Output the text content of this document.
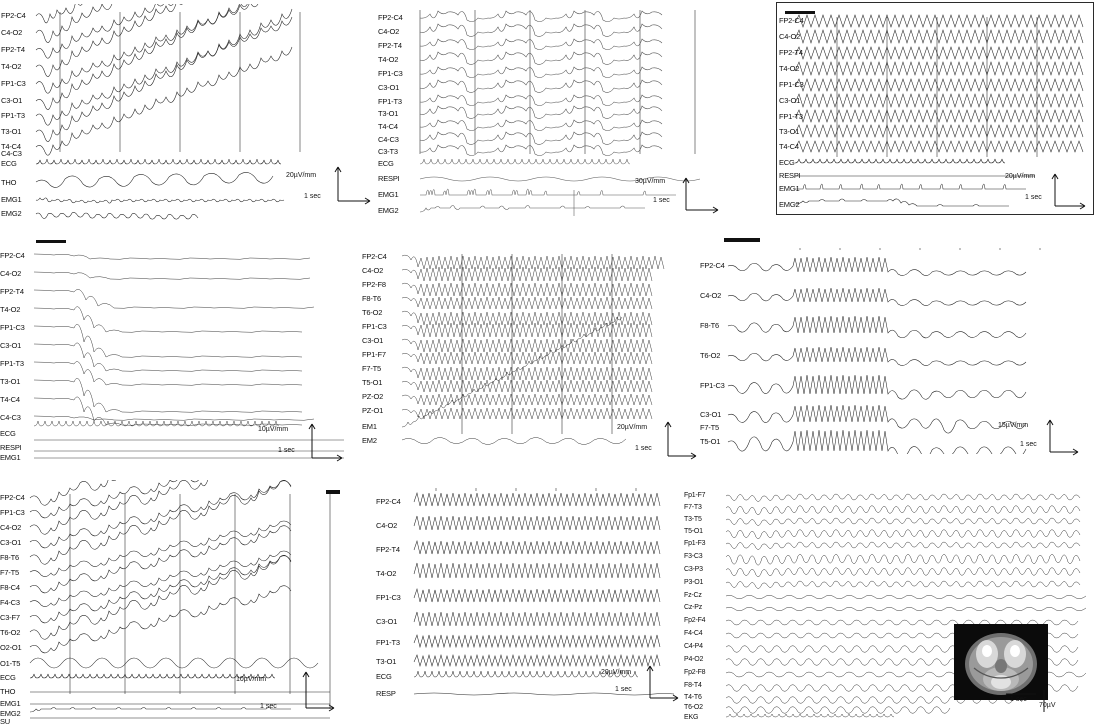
FP2-C4
C4-O2
FP2-T4
T4-O2
FP1-C3
C3-O1
FP1-T3
T3-O1
T4-C4
C4-C3
ECG
THO
EMG1
EMG2
20µV/mm
1 sec
FP2-C4
C4-O2
FP2-T4
T4-O2
FP1-C3
C3-O1
FP1-T3
T3-O1
T4-C4
C4-C3
C3-T3
ECG
RESPI
EMG1
EMG2
30µV/mm
1 sec
FP2-C4
C4-O2
FP2-T4
T4-O2
FP1-C3
C3-O1
FP1-T3
T3-O1
T4-C4
ECG
RESPI
EMG1
EMG2
20µV/mm
1 sec
FP2-C4
C4-O2
FP2-T4
T4-O2
FP1-C3
C3-O1
FP1-T3
T3-O1
T4-C4
C4-C3
ECG
RESPI
EMG1
10µV/mm
1 sec
FP2-C4
C4-O2
FP2-F8
F8-T6
T6-O2
FP1-C3
C3-O1
FP1-F7
F7-T5
T5-O1
PZ-O2
PZ-O1
EM1
EM2
20µV/mm
1 sec
FP2-C4
C4-O2
F8-T6
T6-O2
FP1-C3
C3-O1
F7-T5
T5-O1
15µV/mm
1 sec
FP2-C4
FP1-C3
C4-O2
C3-O1
F8-T6
F7-T5
F8-C4
F4-C3
C3-F7
T6-O2
O2-O1
O1-T5
ECG
THO
EMG1
EMG2
SU
10µV/mm
1 sec
FP2-C4
C4-O2
FP2-T4
T4-O2
FP1-C3
C3-O1
FP1-T3
T3-O1
ECG
RESP
20µV/mm
1 sec
Fp1-F7
F7-T3
T3-T5
T5-O1
Fp1-F3
F3-C3
C3-P3
P3-O1
Fz-Cz
Cz-Pz
Fp2-F4
F4-C4
C4-P4
P4-O2
Fp2-F8
F8-T4
T4-T6
T6-O2
EKG
70µV
1 sec
